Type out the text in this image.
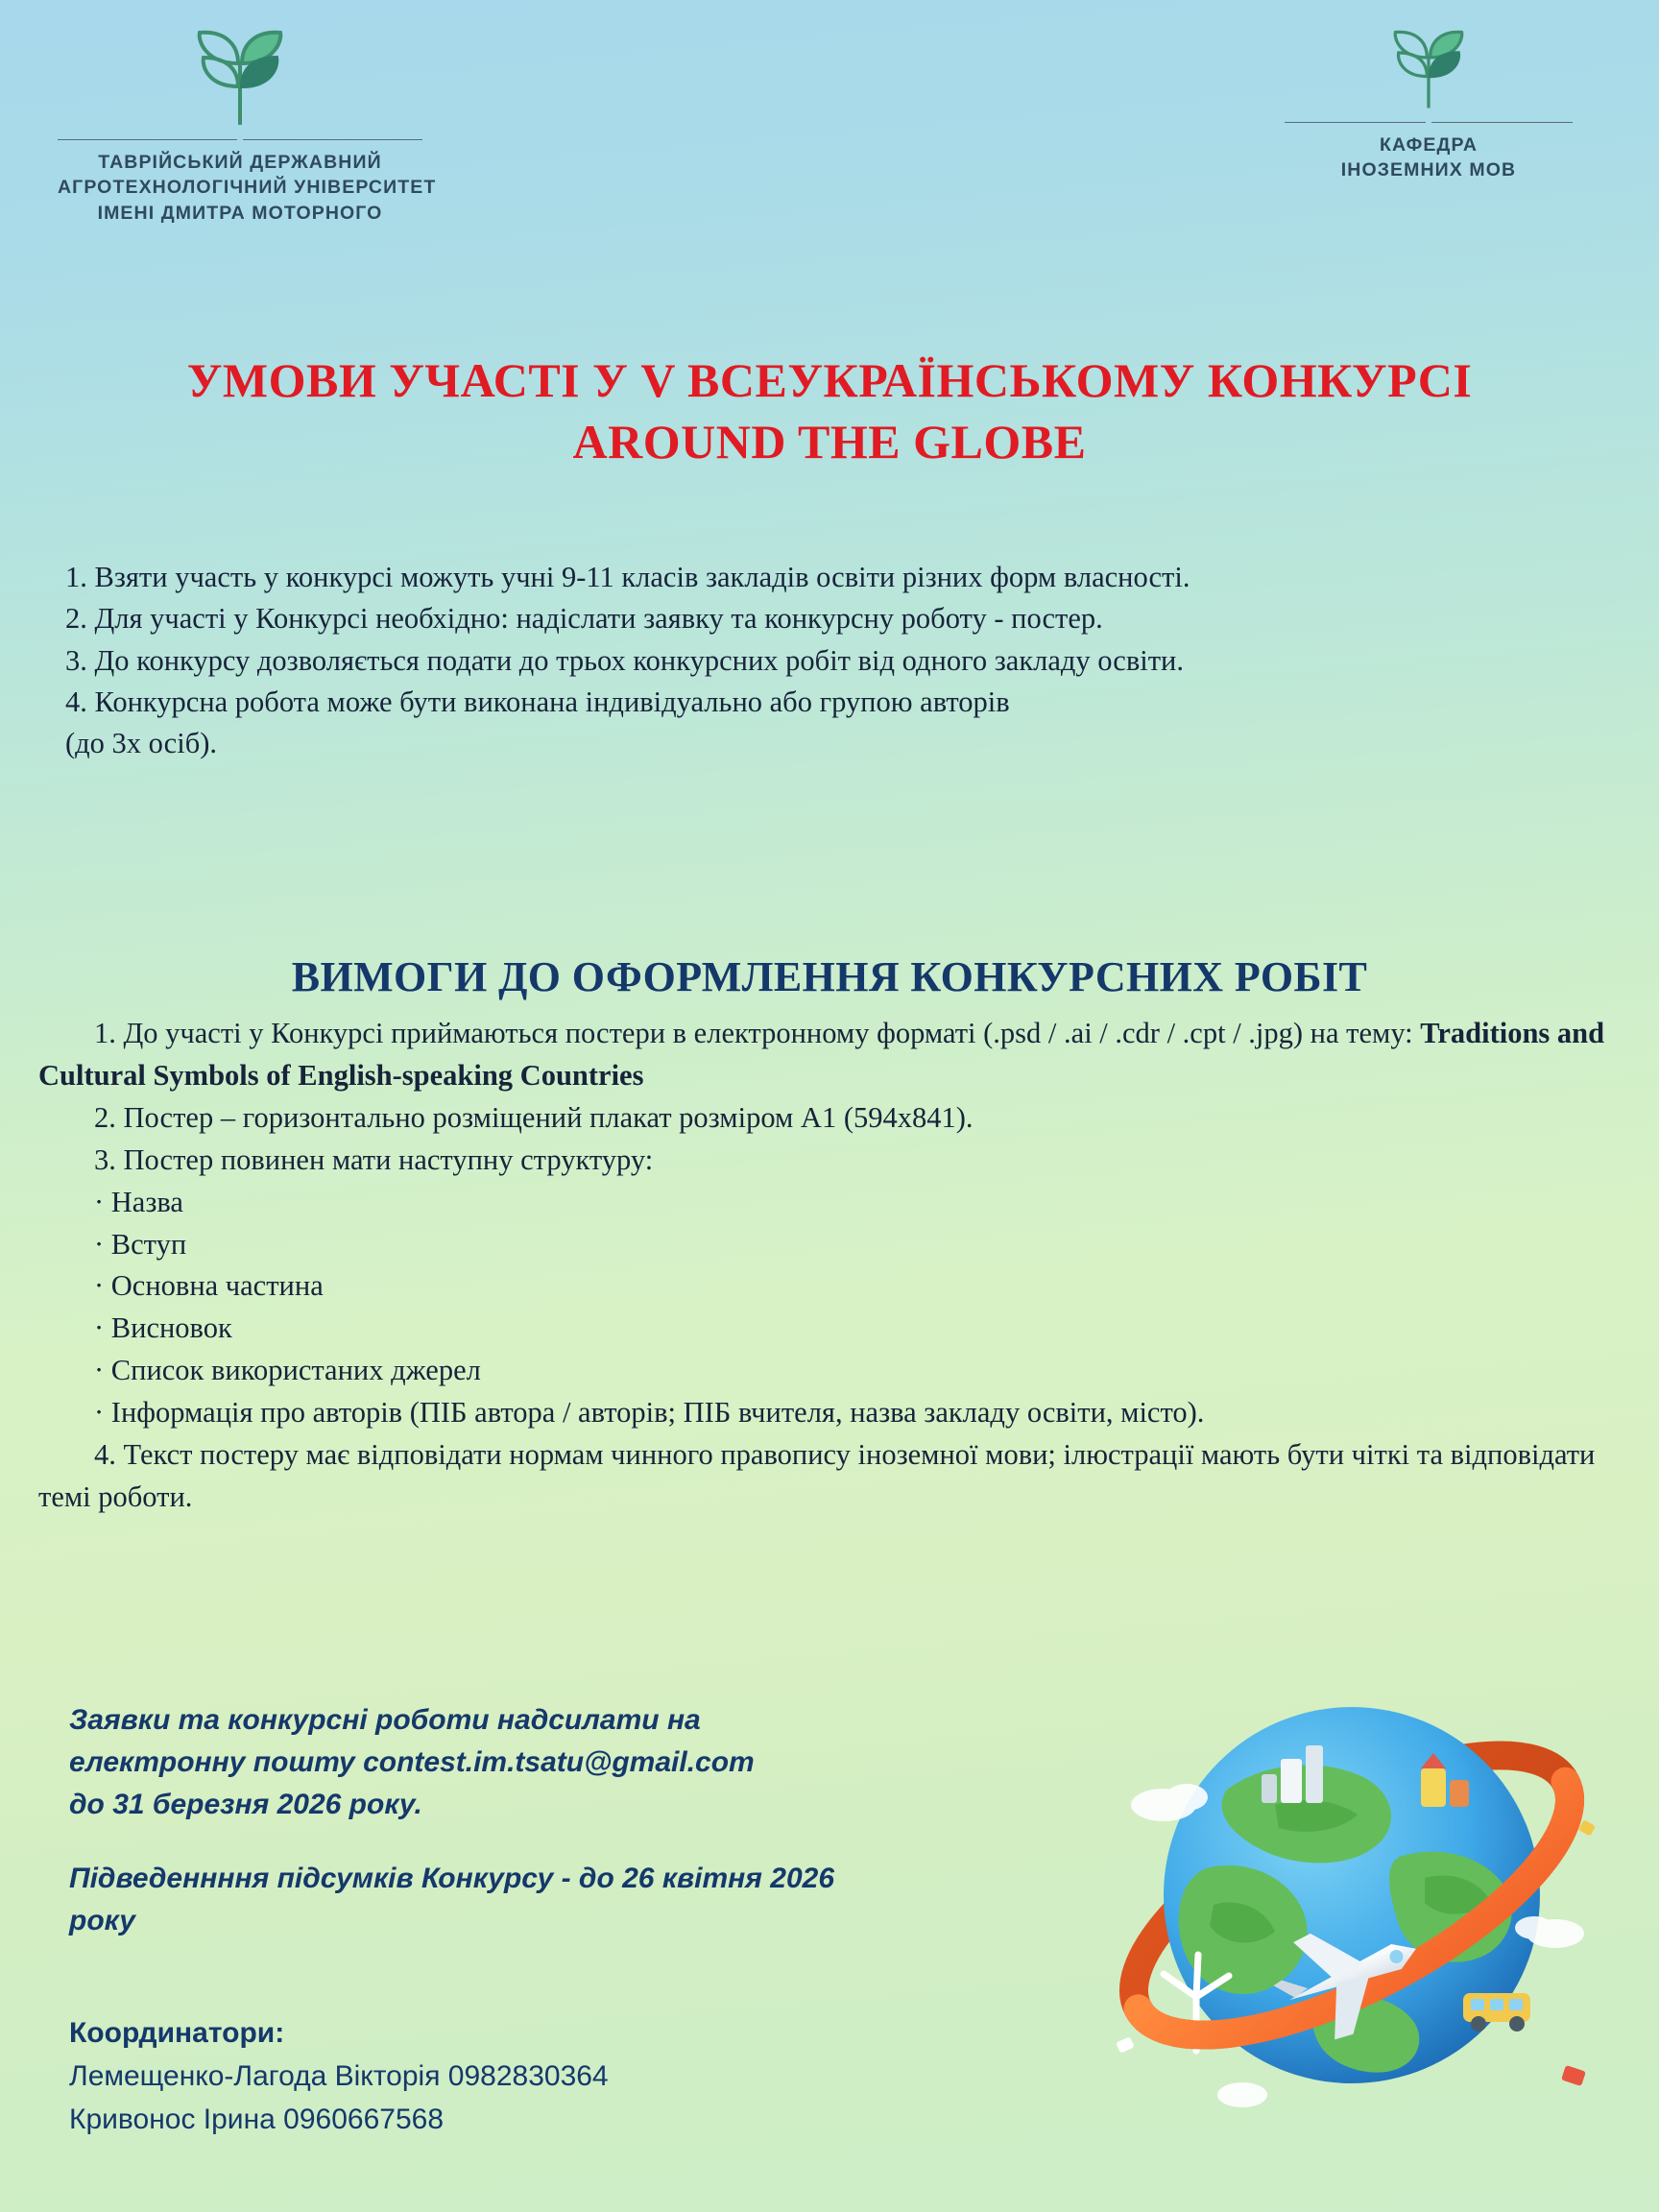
ТАВРІЙСЬКИЙ ДЕРЖАВНИЙ
АГРОТЕХНОЛОГІЧНИЙ УНІВЕРСИТЕТ
ІМЕНІ ДМИТРА МОТОРНОГО
КАФЕДРА
ІНОЗЕМНИХ МОВ
УМОВИ УЧАСТІ У V ВСЕУКРАЇНСЬКОМУ КОНКУРСІ
AROUND THE GLOBE

1. Взяти участь у конкурсі можуть учні 9-11 класів закладів освіти різних форм власності.

2. Для участі у Конкурсі необхідно: надіслати заявку та конкурсну роботу - постер.

3. До конкурсу дозволяється подати до трьох конкурсних робіт від одного закладу освіти.

4. Конкурсна робота може бути виконана індивідуально або групою авторів

(до 3х осіб).

ВИМОГИ ДО ОФОРМЛЕННЯ КОНКУРСНИХ РОБІТ

1. До участі у Конкурсі приймаються постери в електронному форматі (.psd / .ai / .cdr / .cpt / .jpg) на тему: Traditions and Cultural Symbols of English-speaking Countries

2. Постер – горизонтально розміщений плакат розміром А1 (594х841).

3. Постер повинен мати наступну структуру:

· Назва

· Вступ

· Основна частина

· Висновок

· Список використаних джерел

· Інформація про авторів (ПІБ автора / авторів; ПІБ вчителя, назва закладу освіти, місто).

4. Текст постеру має відповідати нормам чинного правопису іноземної мови; ілюстрації мають бути чіткі та відповідати темі роботи.

Заявки та конкурсні роботи надсилати на

електронну пошту contest.im.tsatu@gmail.com

до 31 березня 2026 року.

Підведеннння підсумків Конкурсу - до 26 квітня 2026

року

Координатори:

Лемещенко-Лагода Вікторія 0982830364

Кривонос Ірина 0960667568
